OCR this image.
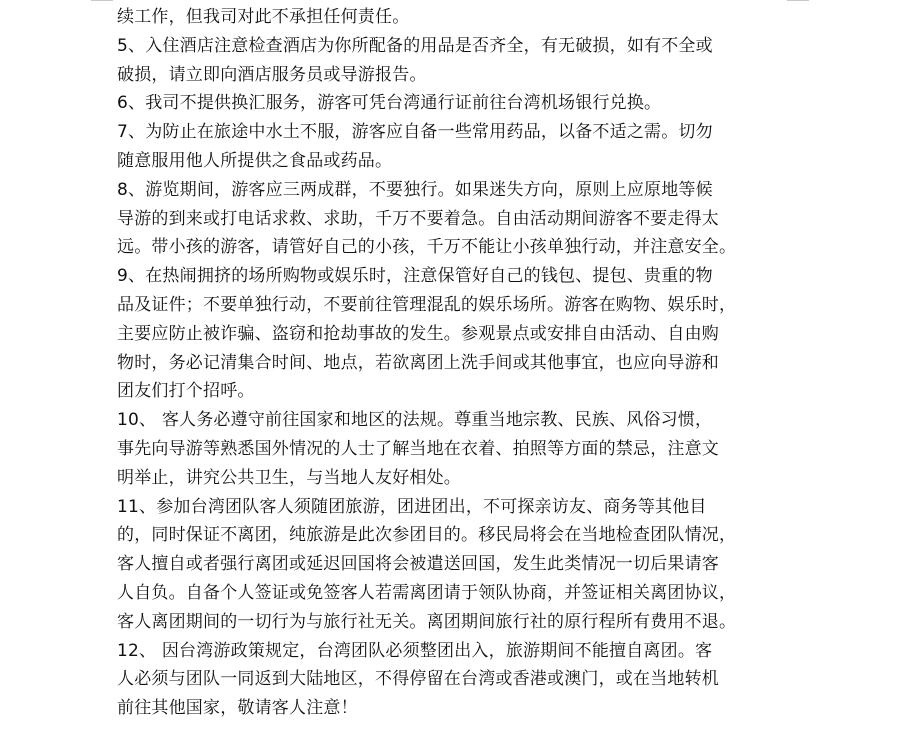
续工作，但我司对此不承担任何责任。
5、入住酒店注意检查酒店为你所配备的用品是否齐全，有无破损，如有不全或
破损，请立即向酒店服务员或导游报告。
6、我司不提供换汇服务，游客可凭台湾通行证前往台湾机场银行兑换。
7、为防止在旅途中水土不服，游客应自备一些常用药品，以备不适之需。切勿
随意服用他人所提供之食品或药品。
8、游览期间，游客应三两成群，不要独行。如果迷失方向，原则上应原地等候
导游的到来或打电话求救、求助，千万不要着急。自由活动期间游客不要走得太
远。带小孩的游客，请管好自己的小孩，千万不能让小孩单独行动，并注意安全。
9、在热闹拥挤的场所购物或娱乐时，注意保管好自己的钱包、提包、贵重的物
品及证件；不要单独行动，不要前往管理混乱的娱乐场所。游客在购物、娱乐时，
主要应防止被诈骗、盗窃和抢劫事故的发生。参观景点或安排自由活动、自由购
物时，务必记清集合时间、地点，若欲离团上洗手间或其他事宜，也应向导游和
团友们打个招呼。
10、 客人务必遵守前往国家和地区的法规。尊重当地宗教、民族、风俗习惯，
事先向导游等熟悉国外情况的人士了解当地在衣着、拍照等方面的禁忌，注意文
明举止，讲究公共卫生，与当地人友好相处。
11、参加台湾团队客人须随团旅游，团进团出，不可探亲访友、商务等其他目
的，同时保证不离团，纯旅游是此次参团目的。移民局将会在当地检查团队情况，
客人擅自或者强行离团或延迟回国将会被遣送回国，发生此类情况一切后果请客
人自负。自备个人签证或免签客人若需离团请于领队协商，并签证相关离团协议，
客人离团期间的一切行为与旅行社无关。离团期间旅行社的原行程所有费用不退。
12、 因台湾游政策规定，台湾团队必须整团出入，旅游期间不能擅自离团。客
人必须与团队一同返到大陆地区，不得停留在台湾或香港或澳门，或在当地转机
前往其他国家，敬请客人注意！
